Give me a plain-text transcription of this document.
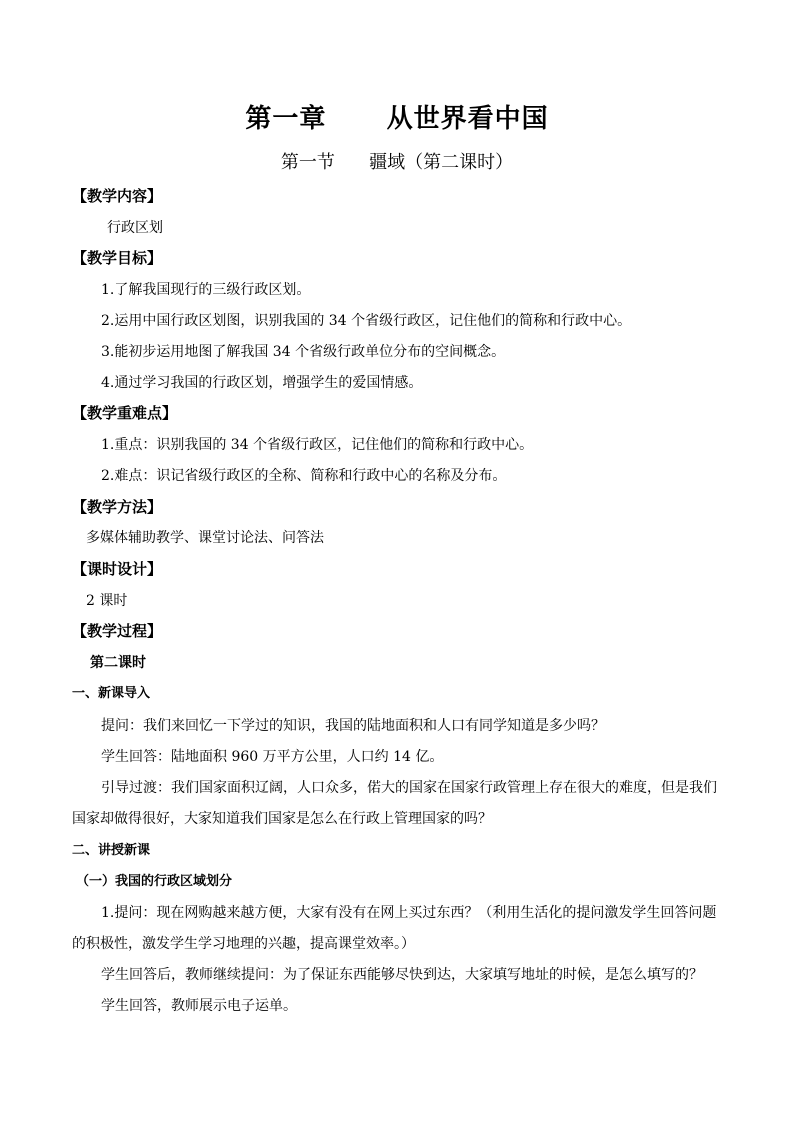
第一章      从世界看中国
第一节      疆域（第二课时）
【教学内容】
行政区划
【教学目标】
1.了解我国现行的三级行政区划。
2.运用中国行政区划图，识别我国的 34 个省级行政区，记住他们的简称和行政中心。
3.能初步运用地图了解我国 34 个省级行政单位分布的空间概念。
4.通过学习我国的行政区划，增强学生的爱国情感。
【教学重难点】
1.重点：识别我国的 34 个省级行政区，记住他们的简称和行政中心。
2.难点：识记省级行政区的全称、简称和行政中心的名称及分布。
【教学方法】
多媒体辅助教学、课堂讨论法、问答法
【课时设计】
2 课时
【教学过程】
第二课时
一、新课导入
提问：我们来回忆一下学过的知识，我国的陆地面积和人口有同学知道是多少吗？
学生回答：陆地面积 960 万平方公里，人口约 14 亿。
引导过渡：我们国家面积辽阔，人口众多，偌大的国家在国家行政管理上存在很大的难度，但是我们
国家却做得很好，大家知道我们国家是怎么在行政上管理国家的吗？
二、讲授新课
（一）我国的行政区域划分
1.提问：现在网购越来越方便，大家有没有在网上买过东西？（利用生活化的提问激发学生回答问题
的积极性，激发学生学习地理的兴趣，提高课堂效率。）
学生回答后，教师继续提问：为了保证东西能够尽快到达，大家填写地址的时候，是怎么填写的？
学生回答，教师展示电子运单。
